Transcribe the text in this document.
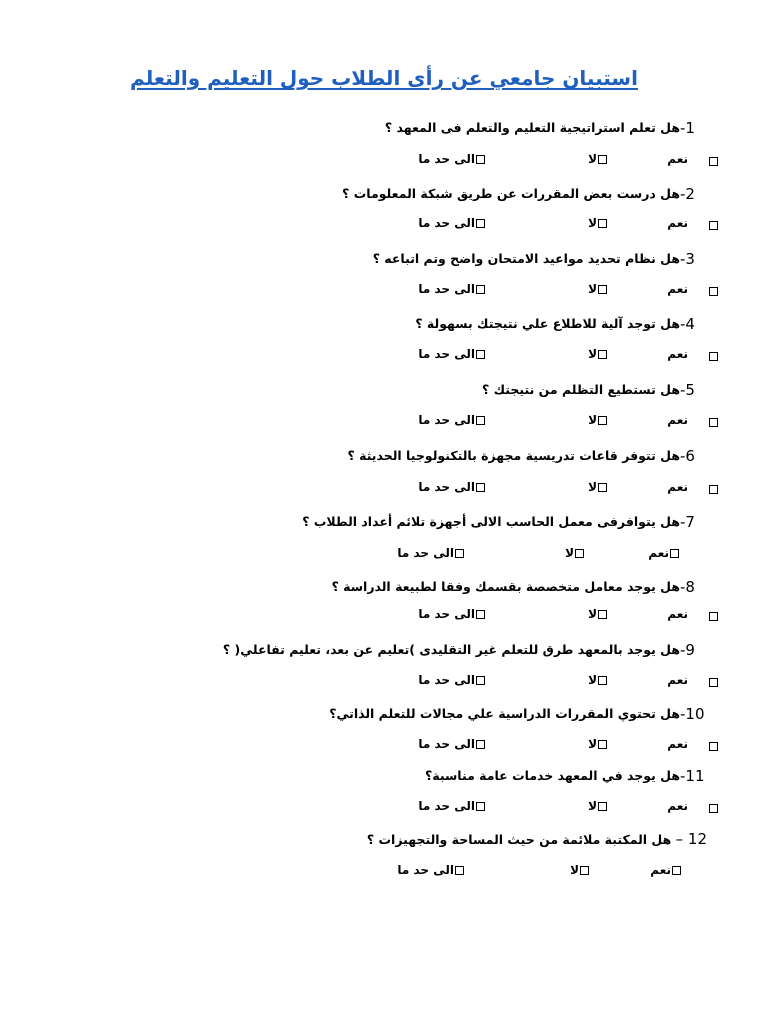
استبيان جامعي عن رأى الطلاب حول التعليم والتعلم
-1
هل تعلم استراتيجية التعليم والتعلم فى المعهد ؟
-2
هل درست بعض المقررات عن طريق شبكة المعلومات ؟
-3
هل نظام تحديد مواعيد الامتحان واضح وتم اتباعه ؟
-4
هل توجد آلية للاطلاع علي نتيجتك بسهولة ؟
-5
هل تستطيع التظلم من نتيجتك ؟
-6
هل تتوفر قاعات تدريسية مجهزة بالتكنولوجيا الحديثة ؟
-7
هل يتوافرفى معمل الحاسب الالى أجهزة تلائم أعداد الطلاب ؟
-8
هل يوجد معامل متخصصة بقسمك وفقا لطبيعة الدراسة ؟
-9
هل يوجد بالمعهد طرق للتعلم غير التقليدى )تعليم عن بعد، تعليم تفاعلي( ؟
-10
هل تحتوي المقررات الدراسية علي مجالات للتعلم الذاتي؟
-11
هل يوجد في المعهد خدمات عامة مناسبة؟
نعم
لا
الى حد ما
نعم
لا
الى حد ما
نعم
لا
الى حد ما
نعم
لا
الى حد ما
نعم
لا
الى حد ما
نعم
لا
الى حد ما
نعم
لا
الى حد ما
نعم
لا
الى حد ما
نعم
لا
الى حد ما
نعم
لا
الى حد ما
نعم
لا
الى حد ما
12 – هل المكتبة ملائمة من حيث المساحة والتجهيزات ؟
نعم
لا
الى حد ما
